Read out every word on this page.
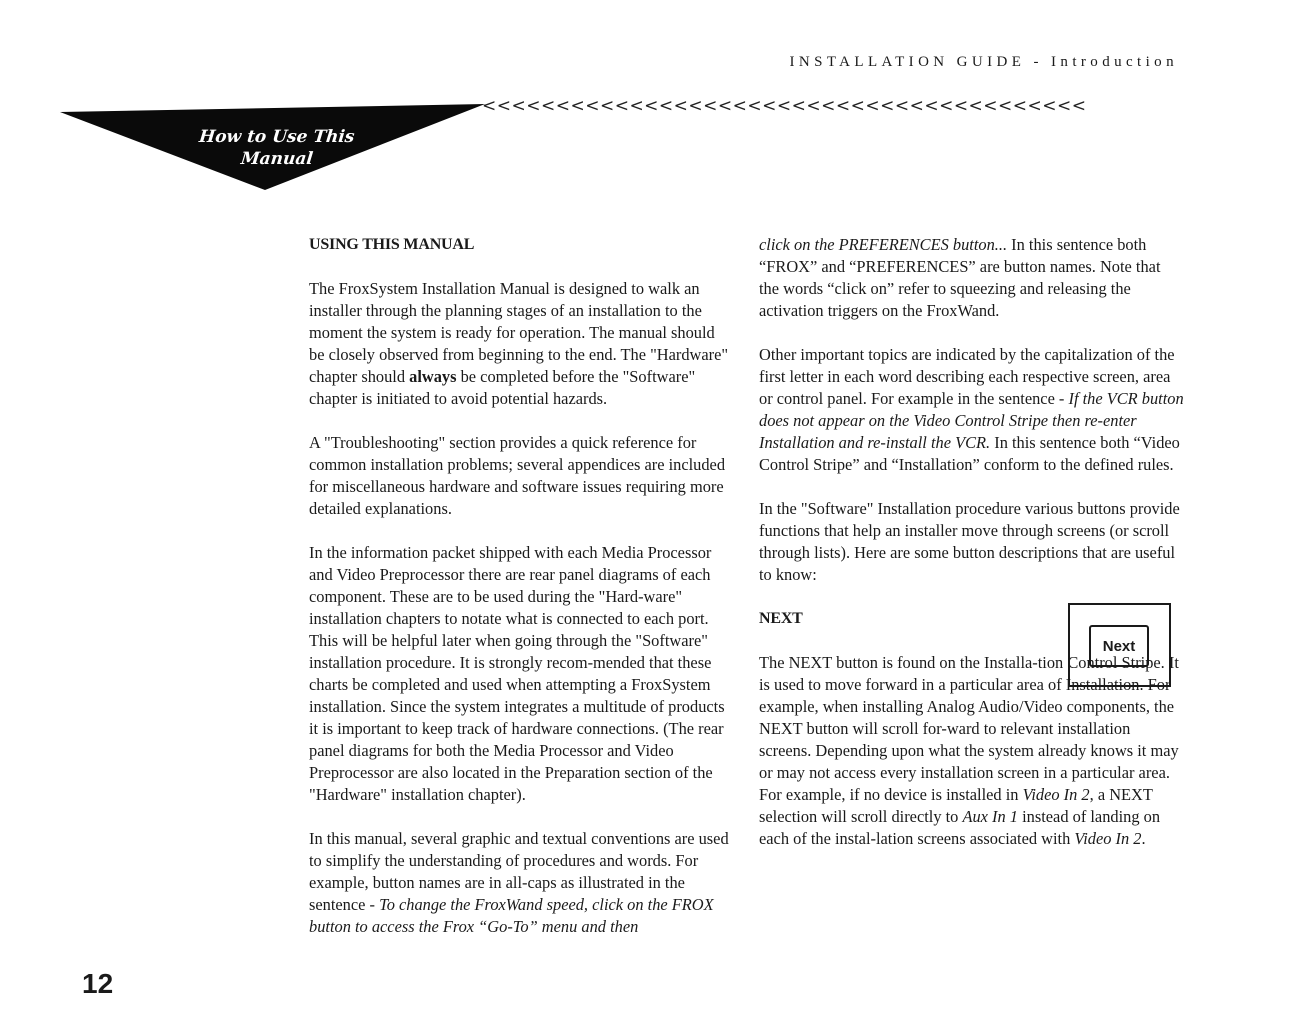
INSTALLATION GUIDE - Introduction
<<<<<<<<<<<<<<<<<<<<<<<<<<<<<<<<<<<<<<<<<
How to Use This
Manual

USING THIS MANUAL

The FroxSystem Installation Manual is designed to walk an installer through the planning stages of an installation to the moment the system is ready for operation. The manual should be closely observed from beginning to the end. The "Hardware" chapter should always be completed before the "Software" chapter is initiated to avoid potential hazards.

A "Troubleshooting" section provides a quick reference for common installation problems; several appendices are included for miscellaneous hardware and software issues requiring more detailed explanations.

In the information packet shipped with each Media Processor and Video Preprocessor there are rear panel diagrams of each component. These are to be used during the "Hard-ware" installation chapters to notate what is connected to each port. This will be helpful later when going through the "Software" installation procedure. It is strongly recom-mended that these charts be completed and used when attempting a FroxSystem installation. Since the system integrates a multitude of products it is important to keep track of hardware connections. (The rear panel diagrams for both the Media Processor and Video Preprocessor are also located in the Preparation section of the "Hardware" installation chapter).

In this manual, several graphic and textual conventions are used to simplify the understanding of procedures and words. For example, button names are in all-caps as illustrated in the sentence - To change the FroxWand speed, click on the FROX button to access the Frox “Go-To” menu and then

click on the PREFERENCES button... In this sentence both “FROX” and “PREFERENCES” are button names. Note that the words “click on” refer to squeezing and releasing the activation triggers on the FroxWand.

Other important topics are indicated by the capitalization of the first letter in each word describing each respective screen, area or control panel. For example in the sentence - If the VCR button does not appear on the Video Control Stripe then re-enter Installation and re-install the VCR. In this sentence both “Video Control Stripe” and “Installation” conform to the defined rules.

In the "Software" Installation procedure various buttons provide functions that help an installer move through screens (or scroll through lists). Here are some button descriptions that are useful to know:

NEXT

The NEXT button is found on the Installa-tion Control Stripe. It is used to move forward in a particular area of Installation. For example, when installing Analog Audio/Video components, the NEXT button will scroll for-ward to relevant installation screens. Depending upon what the system already knows it may or may not access every installation screen in a particular area. For example, if no device is installed in Video In 2, a NEXT selection will scroll directly to Aux In 1 instead of landing on each of the instal-lation screens associated with Video In 2.

Next
12
